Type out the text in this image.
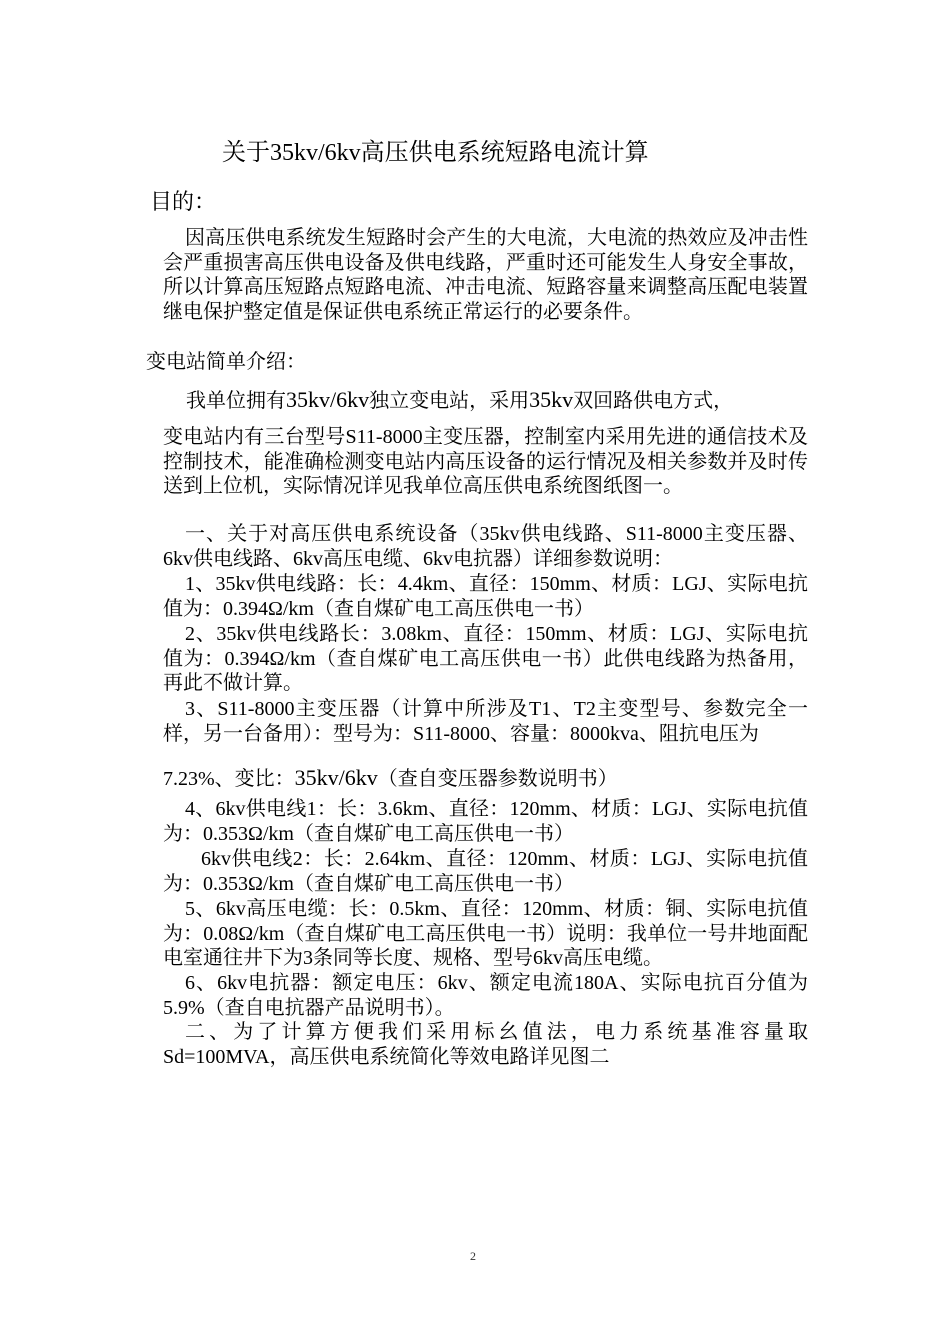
关于35kv/6kv高压供电系统短路电流计算
目的：
因高压供电系统发生短路时会产生的大电流，大电流的热效应及冲击性会严重损害高压供电设备及供电线路，严重时还可能发生人身安全事故，所以计算高压短路点短路电流、冲击电流、短路容量来调整高压配电装置继电保护整定值是保证供电系统正常运行的必要条件。
变电站简单介绍：
我单位拥有35kv/6kv独立变电站，采用35kv双回路供电方式，
变电站内有三台型号S11-8000主变压器，控制室内采用先进的通信技术及控制技术，能准确检测变电站内高压设备的运行情况及相关参数并及时传送到上位机，实际情况详见我单位高压供电系统图纸图一。
一、关于对高压供电系统设备（35kv供电线路、S11-8000主变压器、6kv供电线路、6kv高压电缆、6kv电抗器）详细参数说明：
1、35kv供电线路：长：4.4km、直径：150mm、材质：LGJ、实际电抗值为：0.394Ω/km（查自煤矿电工高压供电一书）
2、35kv供电线路长：3.08km、直径：150mm、材质：LGJ、实际电抗值为：0.394Ω/km（查自煤矿电工高压供电一书）此供电线路为热备用，再此不做计算。
3、S11-8000主变压器（计算中所涉及T1、T2主变型号、参数完全一样，另一台备用）：型号为：S11-8000、容量：8000kva、阻抗电压为
7.23%、变比：35kv/6kv（查自变压器参数说明书）
4、6kv供电线1：长：3.6km、直径：120mm、材质：LGJ、实际电抗值为：0.353Ω/km（查自煤矿电工高压供电一书）
6kv供电线2：长：2.64km、直径：120mm、材质：LGJ、实际电抗值为：0.353Ω/km（查自煤矿电工高压供电一书）
5、6kv高压电缆：长：0.5km、直径：120mm、材质：铜、实际电抗值为：0.08Ω/km（查自煤矿电工高压供电一书）说明：我单位一号井地面配电室通往井下为3条同等长度、规格、型号6kv高压电缆。
6、6kv电抗器：额定电压：6kv、额定电流180A、实际电抗百分值为5.9%（查自电抗器产品说明书）。
二、为了计算方便我们采用标幺值法，电力系统基准容量取Sd=100MVA，高压供电系统简化等效电路详见图二
2
